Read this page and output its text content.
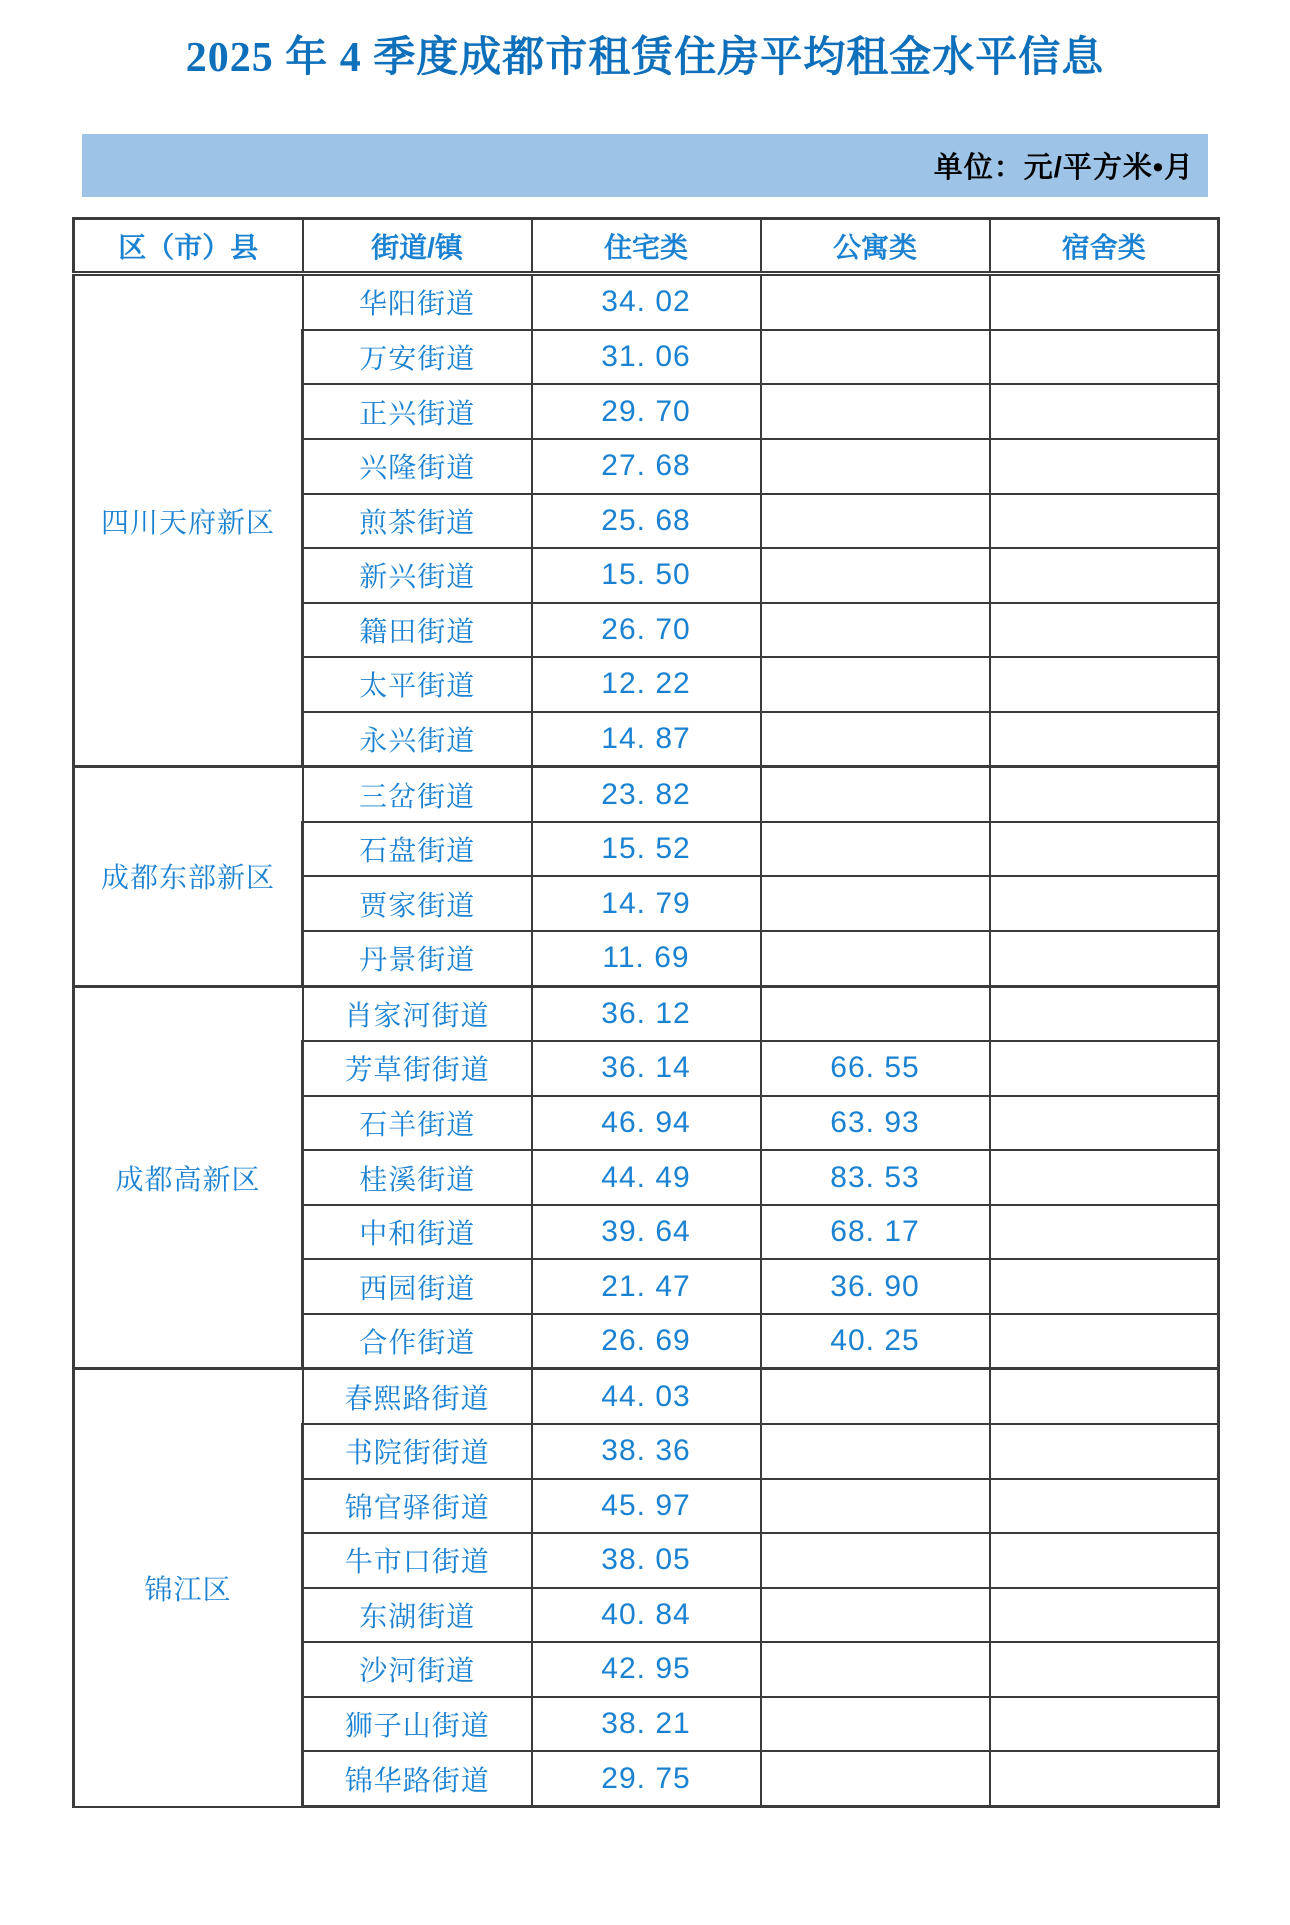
2025 年 4 季度成都市租赁住房平均租金水平信息
单位：元/平方米•月
区（市）县	街道/镇	住宅类	公寓类	宿舍类
四川天府新区	华阳街道	34. 02		
	万安街道	31. 06		
	正兴街道	29. 70		
	兴隆街道	27. 68		
	煎茶街道	25. 68		
	新兴街道	15. 50		
	籍田街道	26. 70		
	太平街道	12. 22		
	永兴街道	14. 87		
成都东部新区	三岔街道	23. 82		
	石盘街道	15. 52		
	贾家街道	14. 79		
	丹景街道	11. 69		
成都高新区	肖家河街道	36. 12		
	芳草街街道	36. 14	66. 55	
	石羊街道	46. 94	63. 93	
	桂溪街道	44. 49	83. 53	
	中和街道	39. 64	68. 17	
	西园街道	21. 47	36. 90	
	合作街道	26. 69	40. 25	
锦江区	春熙路街道	44. 03		
	书院街街道	38. 36		
	锦官驿街道	45. 97		
	牛市口街道	38. 05		
	东湖街道	40. 84		
	沙河街道	42. 95		
	狮子山街道	38. 21		
	锦华路街道	29. 75		
